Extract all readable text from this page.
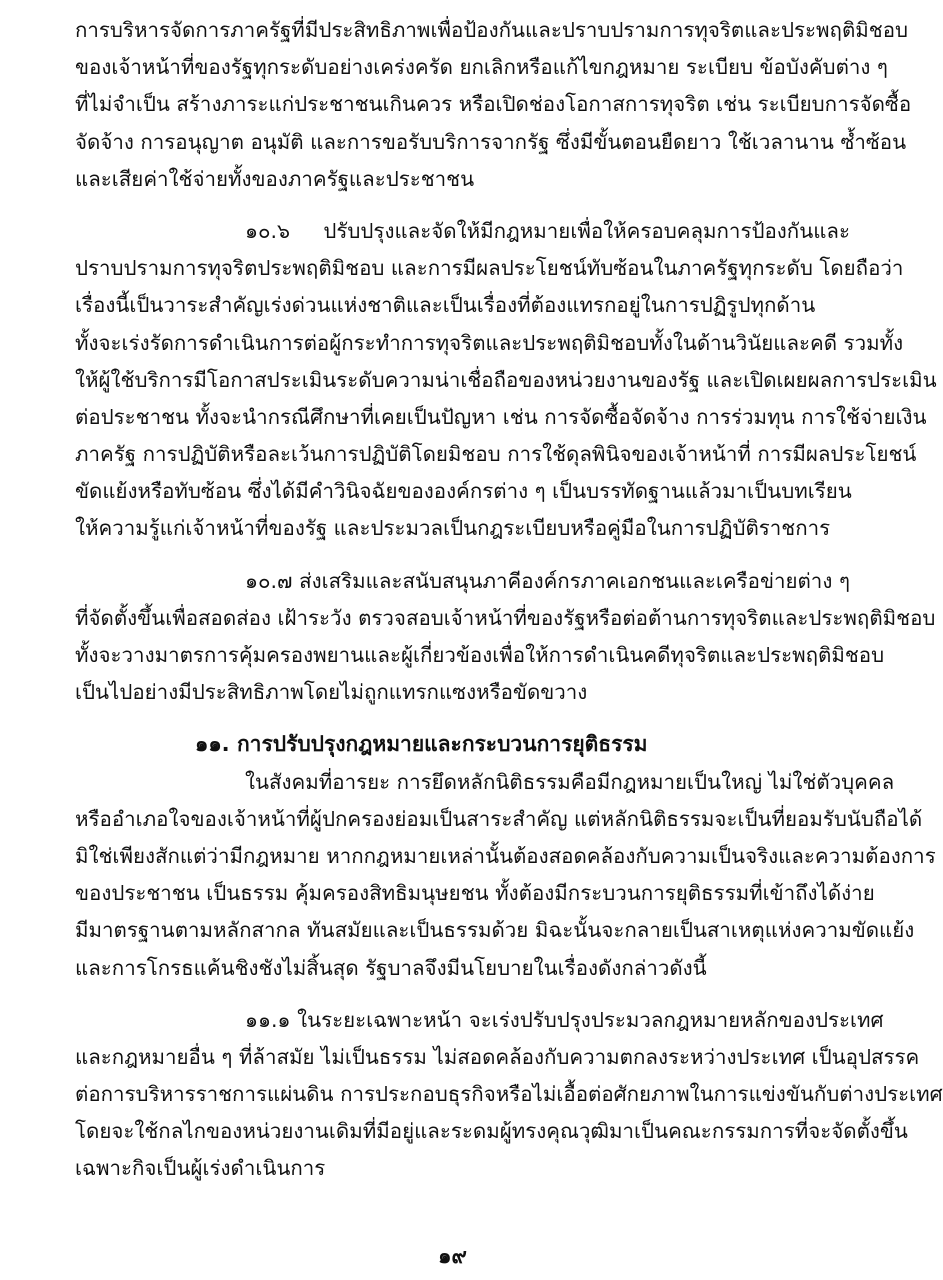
การบริหารจัดการภาครัฐที่มีประสิทธิภาพเพื่อป้องกันและปราบปรามการทุจริตและประพฤติมิชอบ
ของเจ้าหน้าที่ของรัฐทุกระดับอย่างเคร่งครัด ยกเลิกหรือแก้ไขกฎหมาย ระเบียบ ข้อบังคับต่าง ๆ
ที่ไม่จำเป็น สร้างภาระแก่ประชาชนเกินควร หรือเปิดช่องโอกาสการทุจริต เช่น ระเบียบการจัดซื้อ
จัดจ้าง การอนุญาต อนุมัติ และการขอรับบริการจากรัฐ ซึ่งมีขั้นตอนยืดยาว ใช้เวลานาน ซ้ำซ้อน
และเสียค่าใช้จ่ายทั้งของภาครัฐและประชาชน
๑๐.๖ ปรับปรุงและจัดให้มีกฎหมายเพื่อให้ครอบคลุมการป้องกันและ
ปราบปรามการทุจริตประพฤติมิชอบ และการมีผลประโยชน์ทับซ้อนในภาครัฐทุกระดับ โดยถือว่า
เรื่องนี้เป็นวาระสำคัญเร่งด่วนแห่งชาติและเป็นเรื่องที่ต้องแทรกอยู่ในการปฏิรูปทุกด้าน
ทั้งจะเร่งรัดการดำเนินการต่อผู้กระทำการทุจริตและประพฤติมิชอบทั้งในด้านวินัยและคดี รวมทั้ง
ให้ผู้ใช้บริการมีโอกาสประเมินระดับความน่าเชื่อถือของหน่วยงานของรัฐ และเปิดเผยผลการประเมิน
ต่อประชาชน ทั้งจะนำกรณีศึกษาที่เคยเป็นปัญหา เช่น การจัดซื้อจัดจ้าง การร่วมทุน การใช้จ่ายเงิน
ภาครัฐ การปฏิบัติหรือละเว้นการปฏิบัติโดยมิชอบ การใช้ดุลพินิจของเจ้าหน้าที่ การมีผลประโยชน์
ขัดแย้งหรือทับซ้อน ซึ่งได้มีคำวินิจฉัยขององค์กรต่าง ๆ เป็นบรรทัดฐานแล้วมาเป็นบทเรียน
ให้ความรู้แก่เจ้าหน้าที่ของรัฐ และประมวลเป็นกฎระเบียบหรือคู่มือในการปฏิบัติราชการ
๑๐.๗ ส่งเสริมและสนับสนุนภาคีองค์กรภาคเอกชนและเครือข่ายต่าง ๆ
ที่จัดตั้งขึ้นเพื่อสอดส่อง เฝ้าระวัง ตรวจสอบเจ้าหน้าที่ของรัฐหรือต่อต้านการทุจริตและประพฤติมิชอบ
ทั้งจะวางมาตรการคุ้มครองพยานและผู้เกี่ยวข้องเพื่อให้การดำเนินคดีทุจริตและประพฤติมิชอบ
เป็นไปอย่างมีประสิทธิภาพโดยไม่ถูกแทรกแซงหรือขัดขวาง
๑๑. การปรับปรุงกฎหมายและกระบวนการยุติธรรม
ในสังคมที่อารยะ การยึดหลักนิติธรรมคือมีกฎหมายเป็นใหญ่ ไม่ใช่ตัวบุคคล
หรืออำเภอใจของเจ้าหน้าที่ผู้ปกครองย่อมเป็นสาระสำคัญ แต่หลักนิติธรรมจะเป็นที่ยอมรับนับถือได้
มิใช่เพียงสักแต่ว่ามีกฎหมาย หากกฎหมายเหล่านั้นต้องสอดคล้องกับความเป็นจริงและความต้องการ
ของประชาชน เป็นธรรม คุ้มครองสิทธิมนุษยชน ทั้งต้องมีกระบวนการยุติธรรมที่เข้าถึงได้ง่าย
มีมาตรฐานตามหลักสากล ทันสมัยและเป็นธรรมด้วย มิฉะนั้นจะกลายเป็นสาเหตุแห่งความขัดแย้ง
และการโกรธแค้นชิงชังไม่สิ้นสุด รัฐบาลจึงมีนโยบายในเรื่องดังกล่าวดังนี้
๑๑.๑ ในระยะเฉพาะหน้า จะเร่งปรับปรุงประมวลกฎหมายหลักของประเทศ
และกฎหมายอื่น ๆ ที่ล้าสมัย ไม่เป็นธรรม ไม่สอดคล้องกับความตกลงระหว่างประเทศ เป็นอุปสรรค
ต่อการบริหารราชการแผ่นดิน การประกอบธุรกิจหรือไม่เอื้อต่อศักยภาพในการแข่งขันกับต่างประเทศ
โดยจะใช้กลไกของหน่วยงานเดิมที่มีอยู่และระดมผู้ทรงคุณวุฒิมาเป็นคณะกรรมการที่จะจัดตั้งขึ้น
เฉพาะกิจเป็นผู้เร่งดำเนินการ
๑๙
